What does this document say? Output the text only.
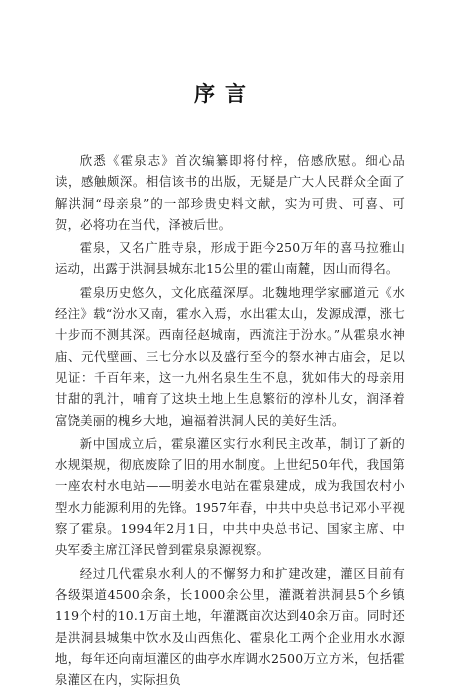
序言

欣悉《霍泉志》首次编纂即将付梓，倍感欣慰。细心品读，感触颇深。相信该书的出版，无疑是广大人民群众全面了解洪洞“母亲泉”的一部珍贵史料文献，实为可贵、可喜、可贺，必将功在当代，泽被后世。

霍泉，又名广胜寺泉，形成于距今250万年的喜马拉雅山运动，出露于洪洞县城东北15公里的霍山南麓，因山而得名。

霍泉历史悠久，文化底蕴深厚。北魏地理学家郦道元《水经注》载“汾水又南，霍水入焉，水出霍太山，发源成潭，涨七十步而不测其深。西南径赵城南，西流注于汾水。”从霍泉水神庙、元代壁画、三七分水以及盛行至今的祭水神古庙会，足以见证：千百年来，这一九州名泉生生不息，犹如伟大的母亲用甘甜的乳汁，哺育了这块土地上生息繁衍的淳朴儿女，润泽着富饶美丽的槐乡大地，遍福着洪洞人民的美好生活。

新中国成立后，霍泉灌区实行水利民主改革，制订了新的水规渠规，彻底废除了旧的用水制度。上世纪50年代，我国第一座农村水电站——明姜水电站在霍泉建成，成为我国农村小型水力能源利用的先锋。1957年春，中共中央总书记邓小平视察了霍泉。1994年2月1日，中共中央总书记、国家主席、中央军委主席江泽民曾到霍泉泉源视察。

经过几代霍泉水利人的不懈努力和扩建改建，灌区目前有各级渠道4500余条，长1000余公里，灌溉着洪洞县5个乡镇119个村的10.1万亩土地，年灌溉亩次达到40余万亩。同时还是洪洞县城集中饮水及山西焦化、霍泉化工两个企业用水水源地，每年还向南垣灌区的曲亭水库调水2500万立方米，包括霍泉灌区在内，实际担负
